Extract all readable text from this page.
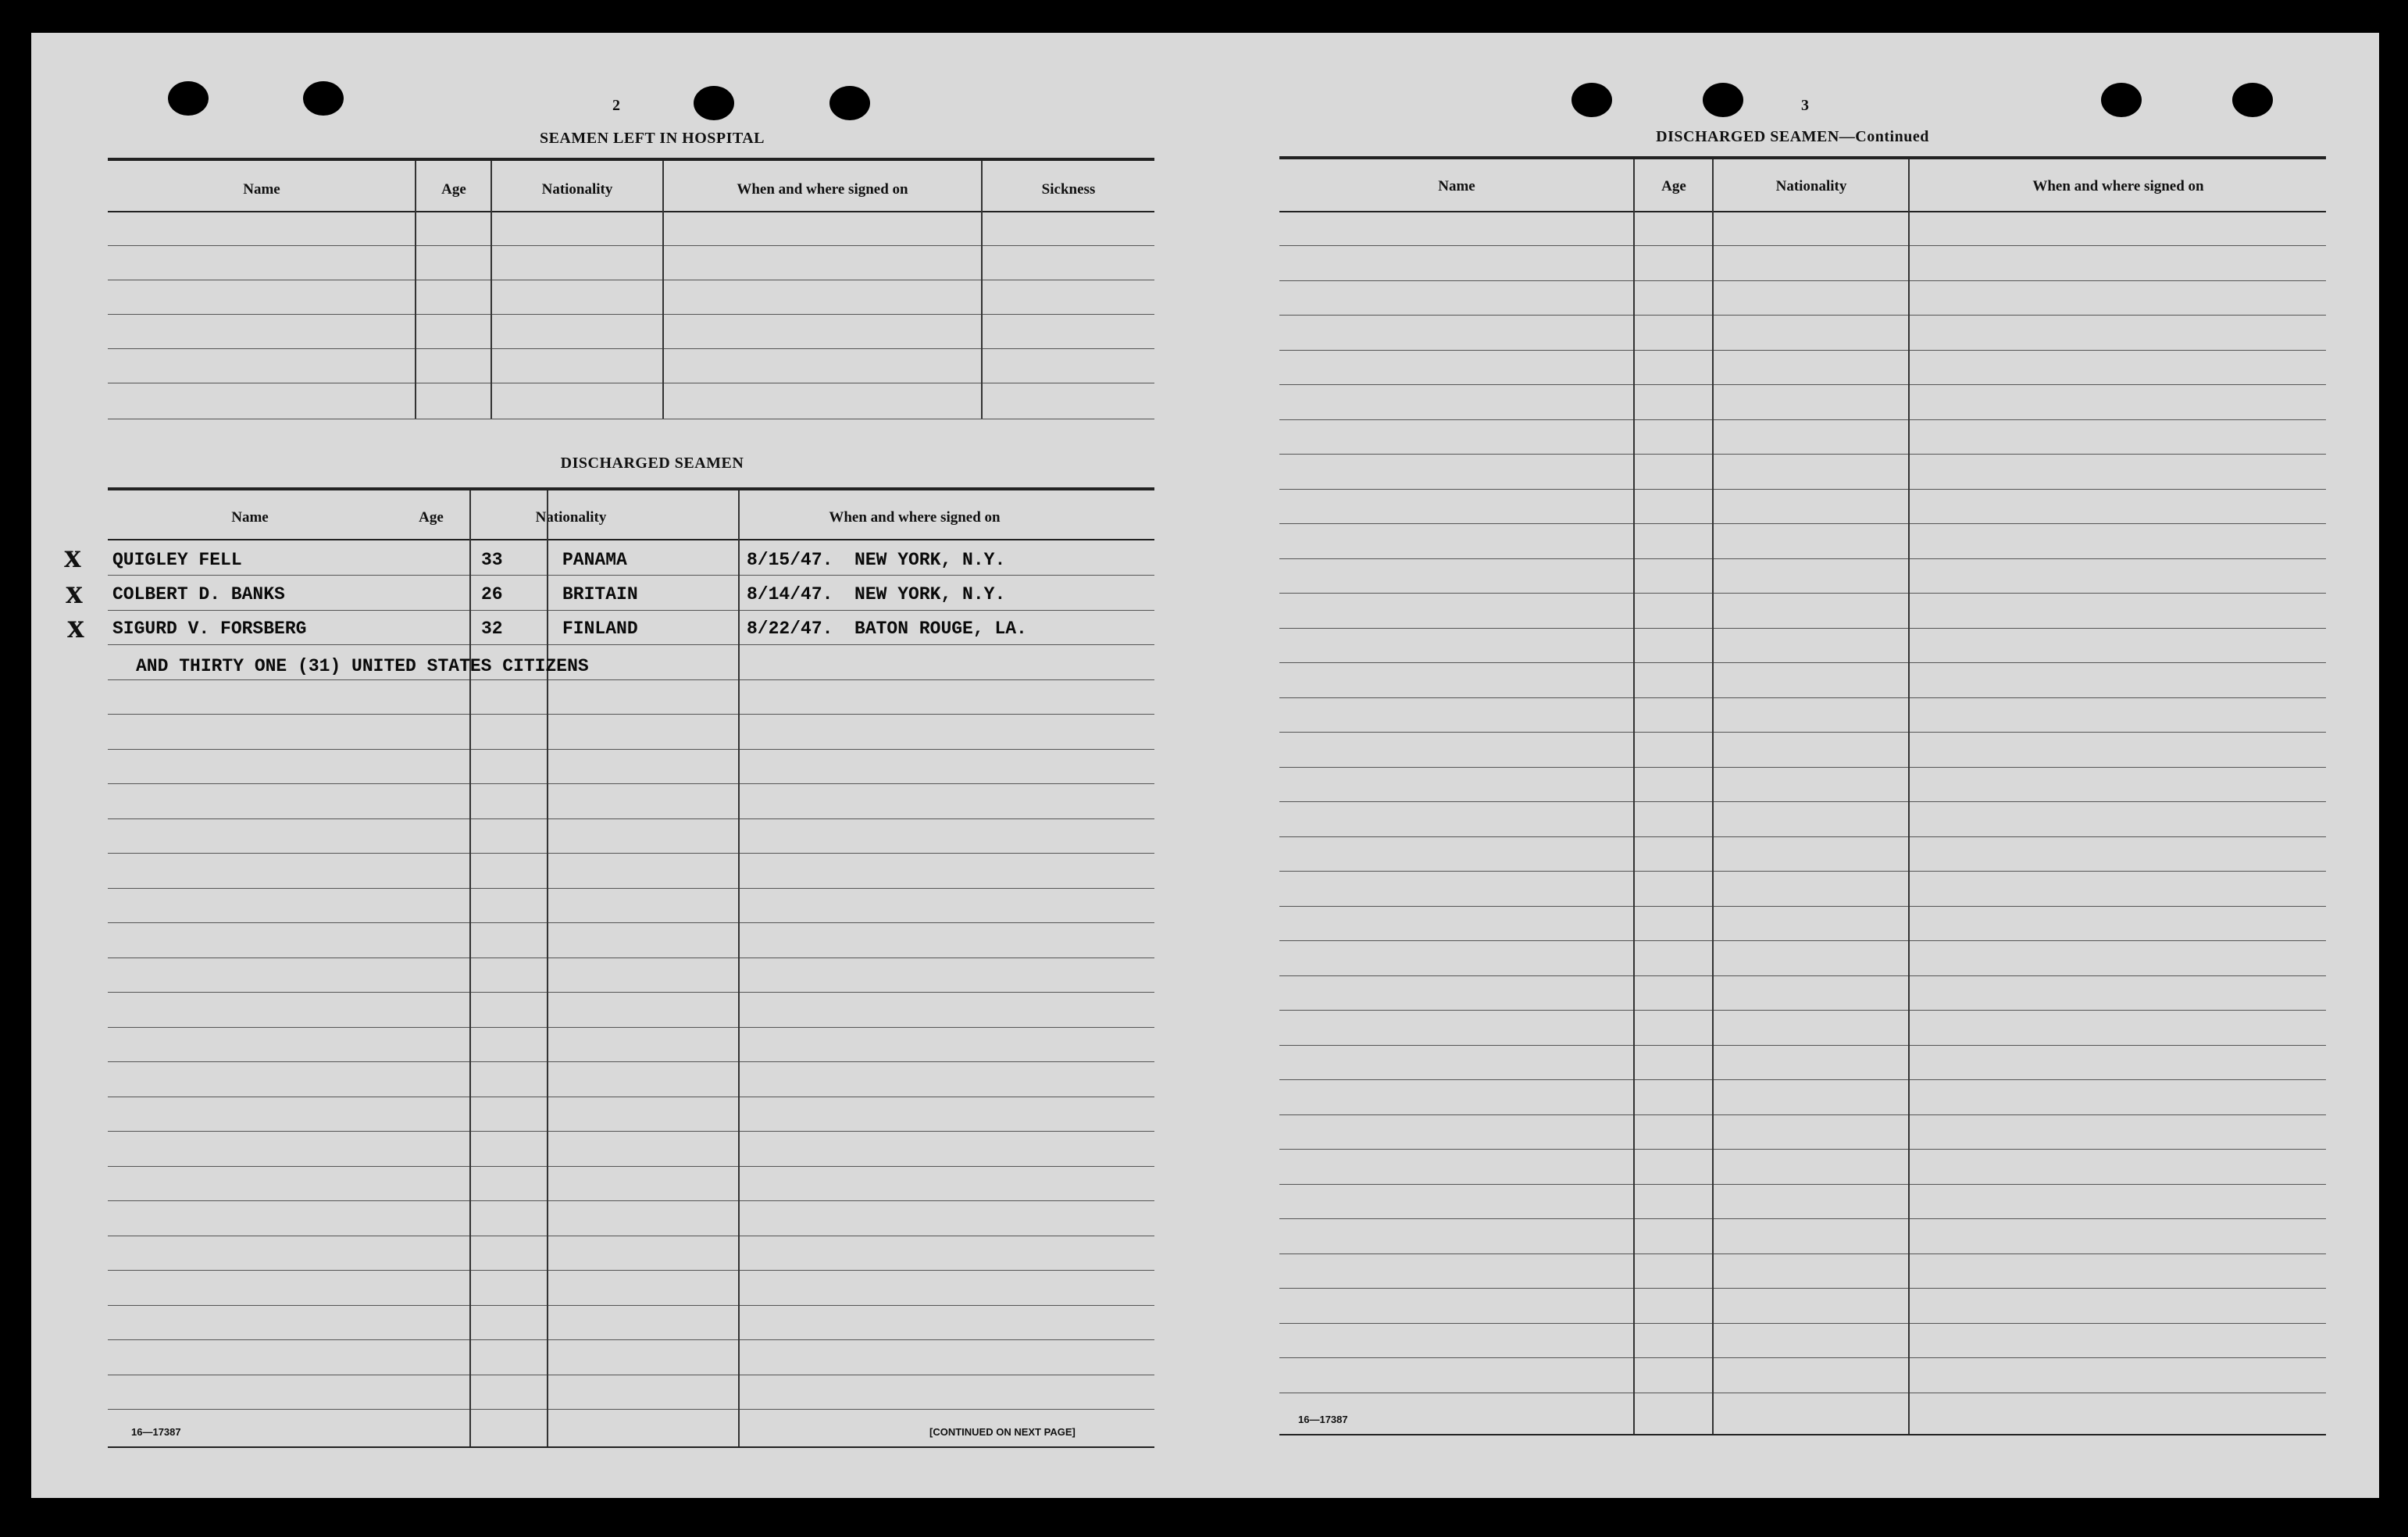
2
SEAMEN LEFT IN HOSPITAL
Name	Age	Nationality	When and where signed on	Sickness
DISCHARGED SEAMEN
Name	Age	Nationality	When and where signed on
x
x
x
QUIGLEY FELL	33	PANAMA	8/15/47.  NEW YORK, N.Y.
COLBERT D. BANKS	26	BRITAIN	8/14/47.  NEW YORK, N.Y.
SIGURD V. FORSBERG	32	FINLAND	8/22/47.  BATON ROUGE, LA.
AND THIRTY ONE (31) UNITED STATES CITIZENS
16—17387	[CONTINUED ON NEXT PAGE]
3
DISCHARGED SEAMEN—Continued
Name	Age	Nationality	When and where signed on
16—17387
